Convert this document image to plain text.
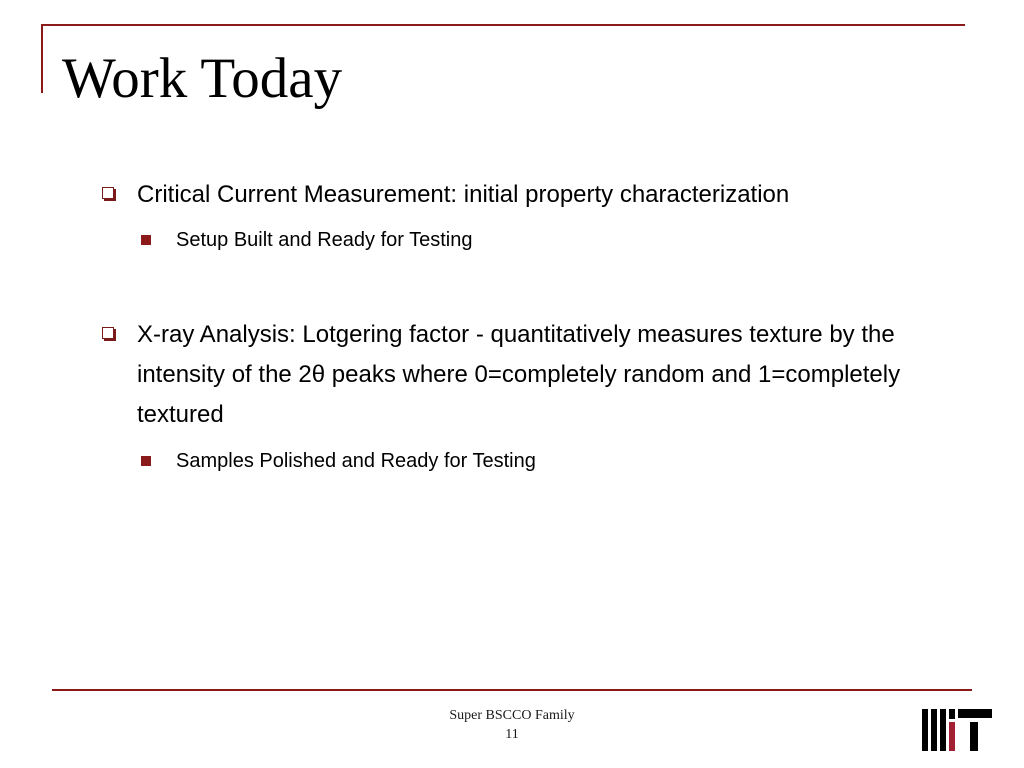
Work Today
Critical Current Measurement: initial property characterization
Setup Built and Ready for Testing
X-ray Analysis: Lotgering factor - quantitatively measures texture by the intensity of the 2θ peaks where 0=completely random and 1=completely textured
Samples Polished and Ready for Testing
Super BSCCO Family
11
